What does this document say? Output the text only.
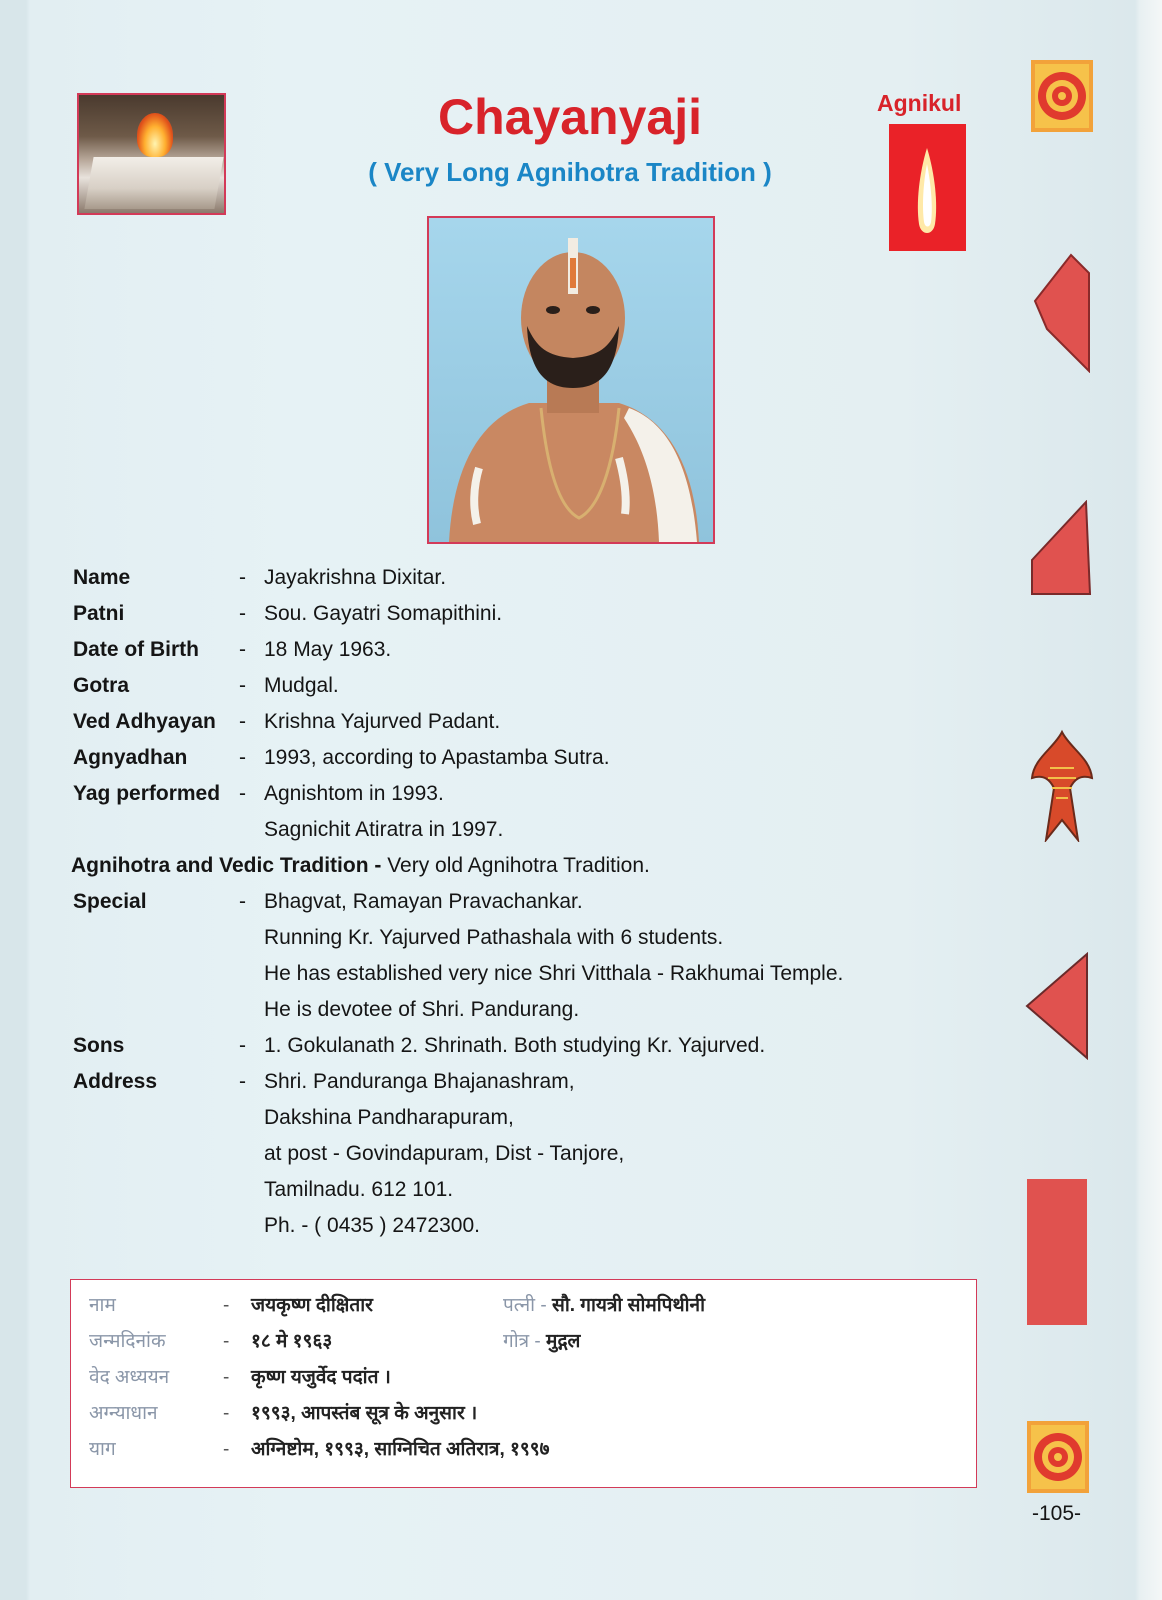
Chayanyaji
( Very Long Agnihotra Tradition )
Agnikul
Name	- Jayakrishna Dixitar.
Patni	- Sou. Gayatri Somapithini.
Date of Birth - 18 May 1963.
Gotra	- Mudgal.
Ved Adhyayan - Krishna Yajurved Padant.
Agnyadhan - 1993, according to Apastamba Sutra.
Yag performed - Agnishtom in 1993.
Sagnichit Atiratra in 1997.
Agnihotra and Vedic Tradition - Very old Agnihotra Tradition.
Special	- Bhagvat, Ramayan Pravachankar.
Running Kr. Yajurved Pathashala with 6 students.
He has established very nice Shri Vitthala - Rakhumai Temple.
He is devotee of Shri. Pandurang.
Sons	- 1. Gokulanath 2. Shrinath. Both studying Kr. Yajurved.
Address	- Shri. Panduranga Bhajanashram,
Dakshina Pandharapuram,
at post - Govindapuram, Dist - Tanjore,
Tamilnadu. 612 101.
Ph. - ( 0435 ) 2472300.
नाम	- जयकृष्ण दीक्षितार	पत्नी - सौ. गायत्री सोमपिथीनी
जन्मदिनांक	- १८ मे १९६३	गोत्र - मुद्गल
वेद अध्ययन	- कृष्ण यजुर्वेद पदांत ।
अग्न्याधान	- १९९३, आपस्तंब सूत्र के अनुसार ।
याग	- अग्निष्टोम, १९९३, साग्निचित अतिरात्र, १९९७
-105-
